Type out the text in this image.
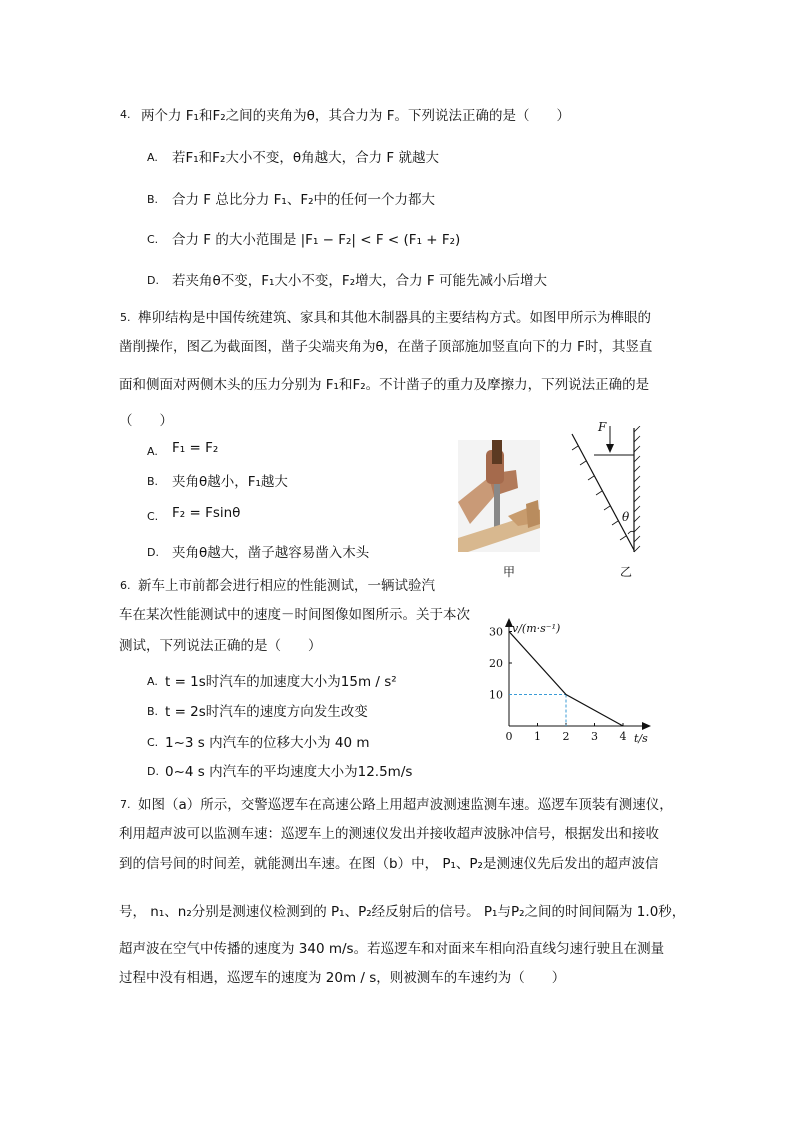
4. 两个力 F₁和F₂之间的夹角为θ，其合力为 F。下列说法正确的是（　　）
A. 若F₁和F₂大小不变，θ角越大，合力 F 就越大
B. 合力 F 总比分力 F₁、F₂中的任何一个力都大
C. 合力 F 的大小范围是 |F₁ − F₂| < F < (F₁ + F₂)
D. 若夹角θ不变，F₁大小不变，F₂增大，合力 F 可能先减小后增大
5. 榫卯结构是中国传统建筑、家具和其他木制器具的主要结构方式。如图甲所示为榫眼的
凿削操作，图乙为截面图，凿子尖端夹角为θ，在凿子顶部施加竖直向下的力 F时，其竖直
面和侧面对两侧木头的压力分别为 F₁和F₂。不计凿子的重力及摩擦力，下列说法正确的是
（　　）
A. F₁ = F₂
B. 夹角θ越小，F₁越大
C. F₂ = Fsinθ
D. 夹角θ越大，凿子越容易凿入木头
F
θ
甲	乙
6. 新车上市前都会进行相应的性能测试，一辆试验汽
车在某次性能测试中的速度－时间图像如图所示。关于本次
测试，下列说法正确的是（　　）
A. t = 1s时汽车的加速度大小为15m / s²
B. t = 2s时汽车的速度方向发生改变
C. 1~3 s 内汽车的位移大小为 40 m
D. 0~4 s 内汽车的平均速度大小为12.5m/s
v/(m·s⁻¹)
t/s
0 1 2 3 4
10
20
30
7. 如图（a）所示，交警巡逻车在高速公路上用超声波测速监测车速。巡逻车顶装有测速仪，
利用超声波可以监测车速：巡逻车上的测速仪发出并接收超声波脉冲信号，根据发出和接收
到的信号间的时间差，就能测出车速。在图（b）中， P₁、P₂是测速仪先后发出的超声波信
号， n₁、n₂分别是测速仪检测到的 P₁、P₂经反射后的信号。 P₁与P₂之间的时间间隔为 1.0秒，
超声波在空气中传播的速度为 340 m/s。若巡逻车和对面来车相向沿直线匀速行驶且在测量
过程中没有相遇，巡逻车的速度为 20m / s，则被测车的车速约为（　　）
